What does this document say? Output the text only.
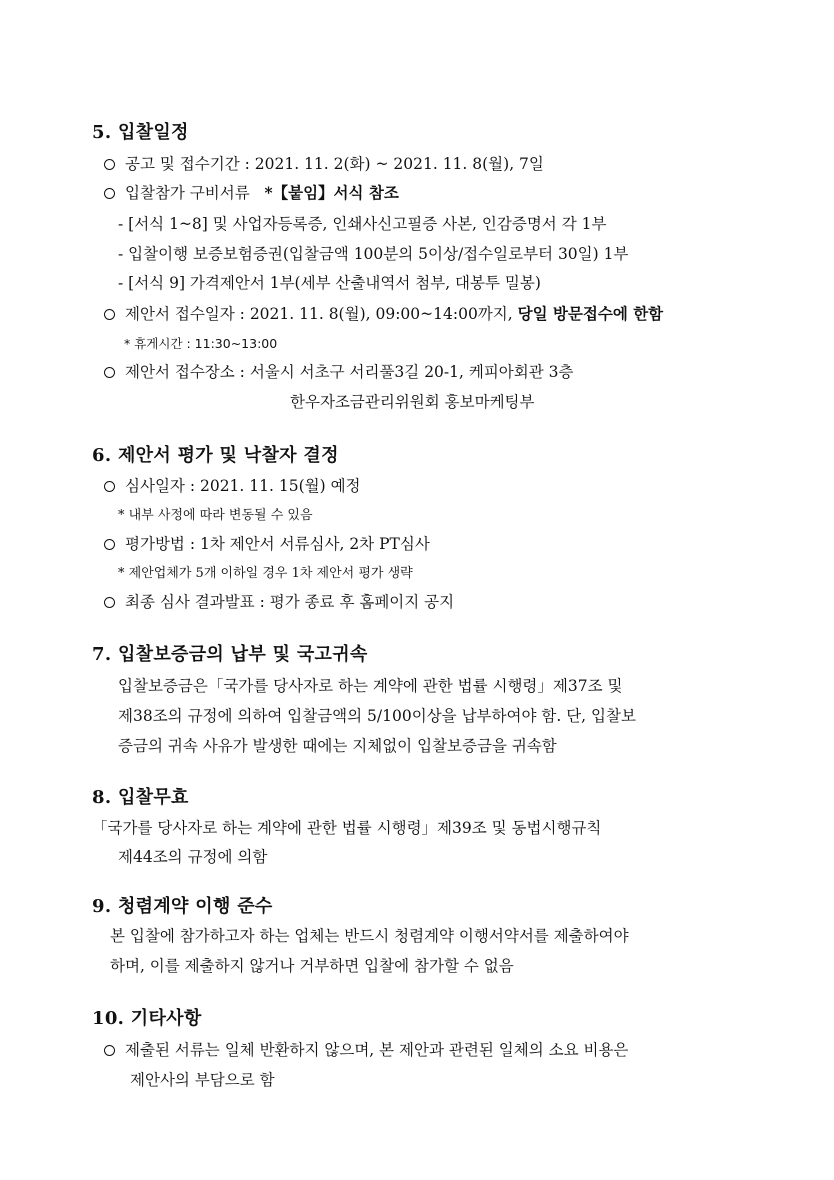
5. 입찰일정
공고 및 접수기간 : 2021. 11. 2(화) ~ 2021. 11. 8(월), 7일
입찰참가 구비서류 *【붙임】서식 참조
- [서식 1~8] 및 사업자등록증, 인쇄사신고필증 사본, 인감증명서 각 1부
- 입찰이행 보증보험증권(입찰금액 100분의 5이상/접수일로부터 30일) 1부
- [서식 9] 가격제안서 1부(세부 산출내역서 첨부, 대봉투 밀봉)
제안서 접수일자 : 2021. 11. 8(월), 09:00~14:00까지, 당일 방문접수에 한함
* 휴게시간 : 11:30~13:00
제안서 접수장소 : 서울시 서초구 서리풀3길 20-1, 케피아회관 3층
한우자조금관리위원회 홍보마케팅부
6. 제안서 평가 및 낙찰자 결정
심사일자 : 2021. 11. 15(월) 예정
* 내부 사정에 따라 변동될 수 있음
평가방법 : 1차 제안서 서류심사, 2차 PT심사
* 제안업체가 5개 이하일 경우 1차 제안서 평가 생략
최종 심사 결과발표 : 평가 종료 후 홈페이지 공지
7. 입찰보증금의 납부 및 국고귀속
입찰보증금은「국가를 당사자로 하는 계약에 관한 법률 시행령」제37조 및
제38조의 규정에 의하여 입찰금액의 5/100이상을 납부하여야 함. 단, 입찰보
증금의 귀속 사유가 발생한 때에는 지체없이 입찰보증금을 귀속함
8. 입찰무효
「국가를 당사자로 하는 계약에 관한 법률 시행령」제39조 및 동법시행규칙
제44조의 규정에 의함
9. 청렴계약 이행 준수
본 입찰에 참가하고자 하는 업체는 반드시 청렴계약 이행서약서를 제출하여야
하며, 이를 제출하지 않거나 거부하면 입찰에 참가할 수 없음
10. 기타사항
제출된 서류는 일체 반환하지 않으며, 본 제안과 관련된 일체의 소요 비용은
제안사의 부담으로 함
